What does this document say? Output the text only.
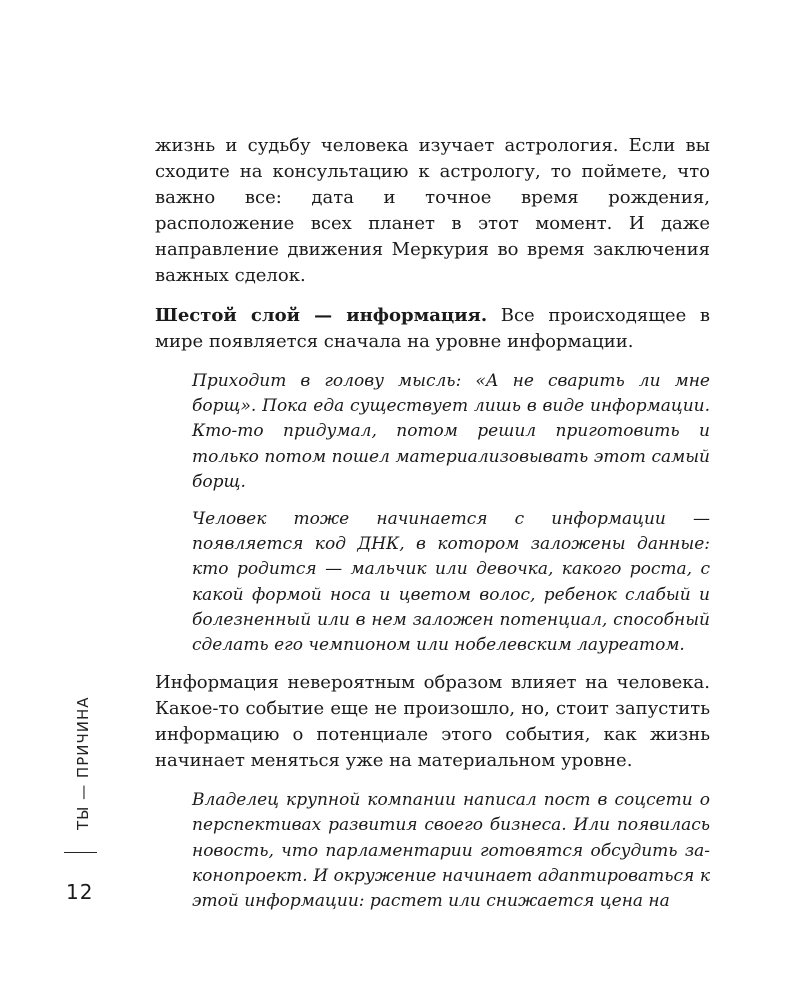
жизнь и судьбу человека изучает астрология. Если вы сходите на консультацию к астрологу, то поймете, что важно все: дата и точное время рождения, расположение всех планет в этот момент. И даже направление движения Меркурия во время заключения важных сделок.

Шестой слой — информация. Все происходящее в мире появляется сначала на уровне информации.

Приходит в голову мысль: «А не сварить ли мне борщ». Пока еда существует лишь в виде информации. Кто-то придумал, потом решил приготовить и только потом пошел материализовывать этот самый борщ.

Человек тоже начинается с информации — появляется код ДНК, в котором заложены данные: кто родится — мальчик или девочка, какого роста, с какой формой носа и цветом волос, ребенок слабый и болезненный или в нем заложен потенциал, способный сделать его чемпионом или нобелевским лауреатом.

Информация невероятным образом влияет на человека. Какое-то событие еще не произошло, но, стоит запустить информацию о потенциале этого события, как жизнь начинает меняться уже на материальном уровне.

Владелец крупной компании написал пост в соцсети о перспективах развития своего бизнеса. Или появилась новость, что парламентарии готовятся обсудить законопроект. И окружение начинает адаптироваться к этой информации: растет или снижается цена на

ТЫ — ПРИЧИНА
12
